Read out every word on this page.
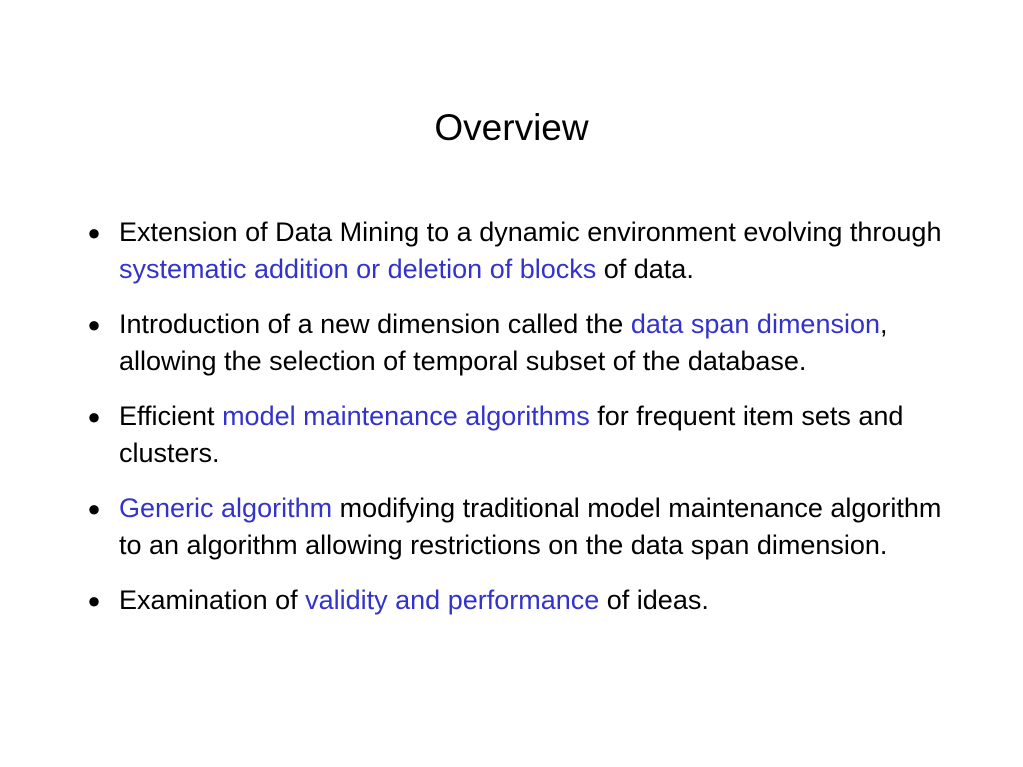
Overview
● Extension of Data Mining to a dynamic environment evolving through systematic addition or deletion of blocks of data.
● Introduction of a new dimension called the data span dimension, allowing the selection of temporal subset of the database.
● Efficient model maintenance algorithms for frequent item sets and clusters.
● Generic algorithm modifying traditional model maintenance algorithm to an algorithm allowing restrictions on the data span dimension.
● Examination of validity and performance of ideas.
